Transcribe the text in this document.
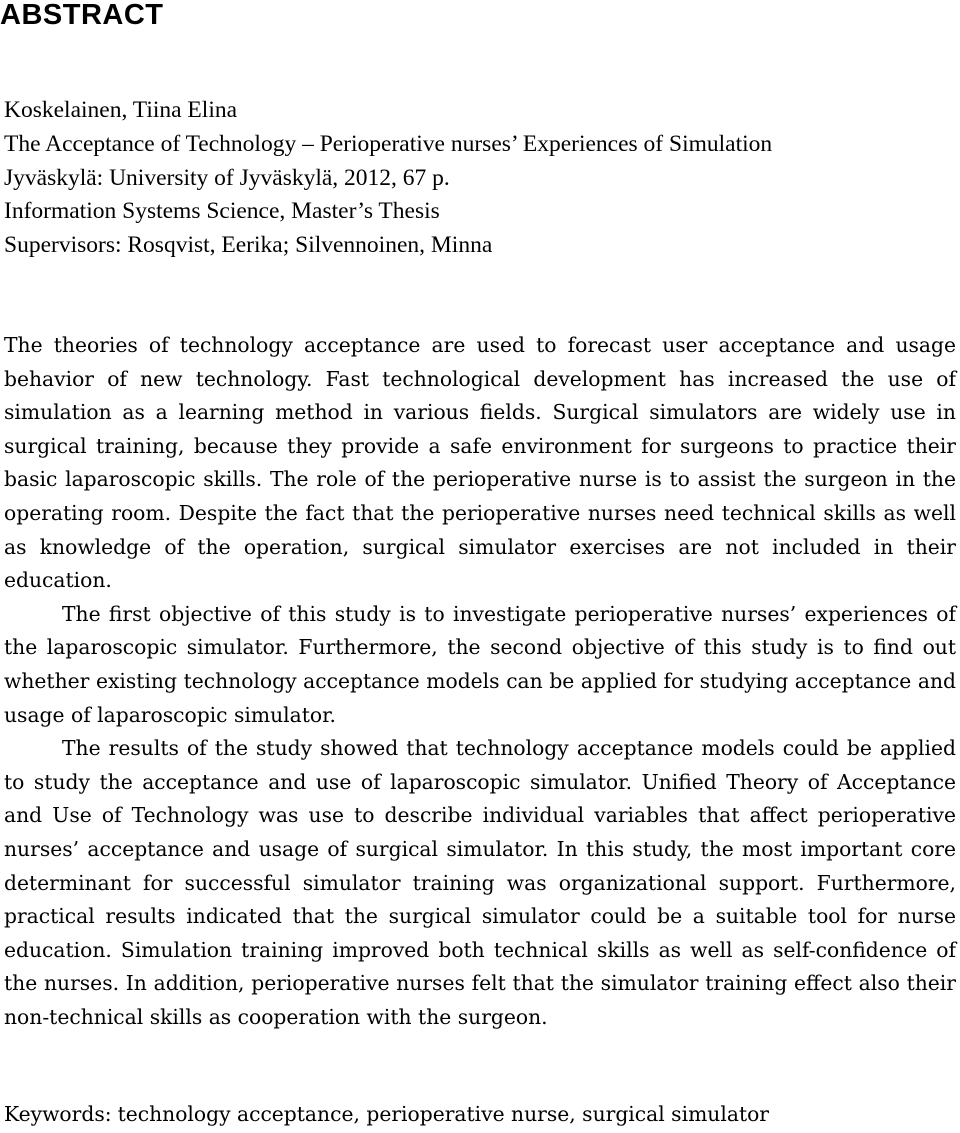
ABSTRACT
Koskelainen, Tiina Elina
The Acceptance of Technology – Perioperative nurses’ Experiences of Simulation
Jyväskylä: University of Jyväskylä, 2012, 67 p.
Information Systems Science, Master’s Thesis
Supervisors: Rosqvist, Eerika; Silvennoinen, Minna

The theories of technology acceptance are used to forecast user acceptance and usage behavior of new technology. Fast technological development has increased the use of simulation as a learning method in various fields. Surgical simulators are widely use in surgical training, because they provide a safe environment for surgeons to practice their basic laparoscopic skills. The role of the perioperative nurse is to assist the surgeon in the operating room. Despite the fact that the perioperative nurses need technical skills as well as knowledge of the operation, surgical simulator exercises are not included in their education.

The first objective of this study is to investigate perioperative nurses’ experiences of the laparoscopic simulator. Furthermore, the second objective of this study is to find out whether existing technology acceptance models can be applied for studying acceptance and usage of laparoscopic simulator.

The results of the study showed that technology acceptance models could be applied to study the acceptance and use of laparoscopic simulator. Unified Theory of Acceptance and Use of Technology was use to describe individual variables that affect perioperative nurses’ acceptance and usage of surgical simulator. In this study, the most important core determinant for successful simulator training was organizational support. Furthermore, practical results indicated that the surgical simulator could be a suitable tool for nurse education. Simulation training improved both technical skills as well as self-confidence of the nurses. In addition, perioperative nurses felt that the simulator training effect also their non-technical skills as cooperation with the surgeon.

Keywords: technology acceptance, perioperative nurse, surgical simulator
